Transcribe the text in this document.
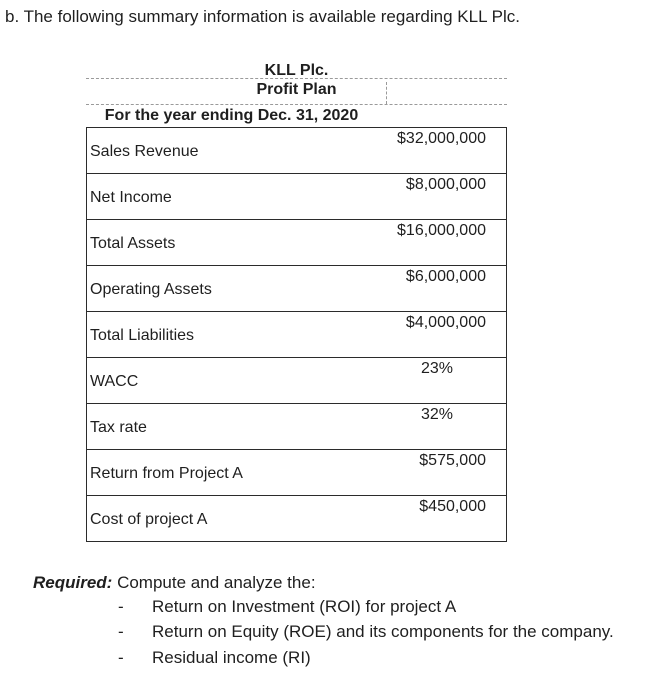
b. The following summary information is available regarding KLL Plc.
KLL Plc.
Profit Plan
For the year ending Dec. 31, 2020
Sales Revenue
$32,000,000
Net Income
$8,000,000
Total Assets
$16,000,000
Operating Assets
$6,000,000
Total Liabilities
$4,000,000
WACC
23%
Tax rate
32%
Return from Project A
$575,000
Cost of project A
$450,000
Required: Compute and analyze the:
- Return on Investment (ROI) for project A
- Return on Equity (ROE) and its components for the company.
- Residual income (RI)
